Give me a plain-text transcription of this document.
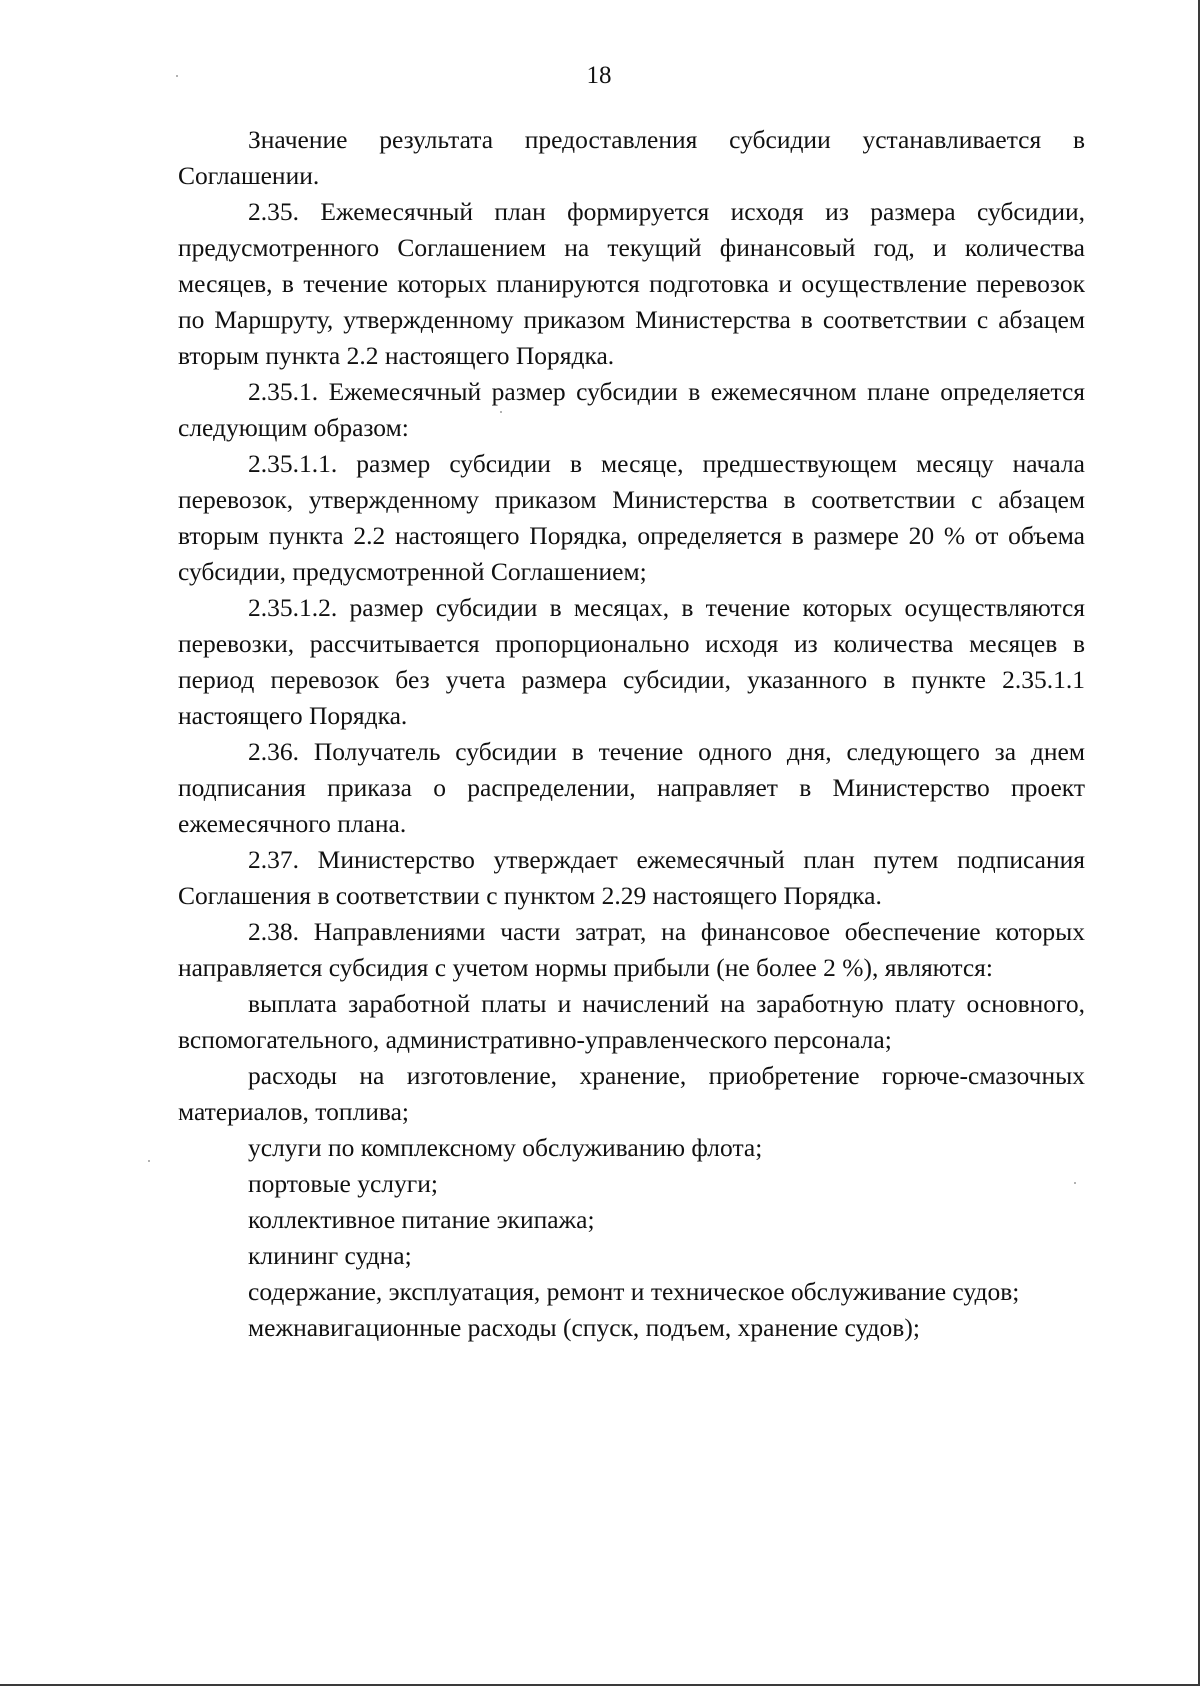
18

Значение результата предоставления субсидии устанавливается в Соглашении.

2.35. Ежемесячный план формируется исходя из размера субсидии, предусмотренного Соглашением на текущий финансовый год, и количества месяцев, в течение которых планируются подготовка и осуществление перевозок по Маршруту, утвержденному приказом Министерства в соответствии с абзацем вторым пункта 2.2 настоящего Порядка.

2.35.1. Ежемесячный размер субсидии в ежемесячном плане определяется следующим образом:

2.35.1.1. размер субсидии в месяце, предшествующем месяцу начала перевозок, утвержденному приказом Министерства в соответствии с абзацем вторым пункта 2.2 настоящего Порядка, определяется в размере 20 % от объема субсидии, предусмотренной Соглашением;

2.35.1.2. размер субсидии в месяцах, в течение которых осуществляются перевозки, рассчитывается пропорционально исходя из количества месяцев в период перевозок без учета размера субсидии, указанного в пункте 2.35.1.1 настоящего Порядка.

2.36. Получатель субсидии в течение одного дня, следующего за днем подписания приказа о распределении, направляет в Министерство проект ежемесячного плана.

2.37. Министерство утверждает ежемесячный план путем подписания Соглашения в соответствии с пунктом 2.29 настоящего Порядка.

2.38. Направлениями части затрат, на финансовое обеспечение которых направляется субсидия с учетом нормы прибыли (не более 2 %), являются:

выплата заработной платы и начислений на заработную плату основного, вспомогательного, административно-управленческого персонала;

расходы на изготовление, хранение, приобретение горюче-смазочных материалов, топлива;

услуги по комплексному обслуживанию флота;

портовые услуги;

коллективное питание экипажа;

клининг судна;

содержание, эксплуатация, ремонт и техническое обслуживание судов;

межнавигационные расходы (спуск, подъем, хранение судов);
